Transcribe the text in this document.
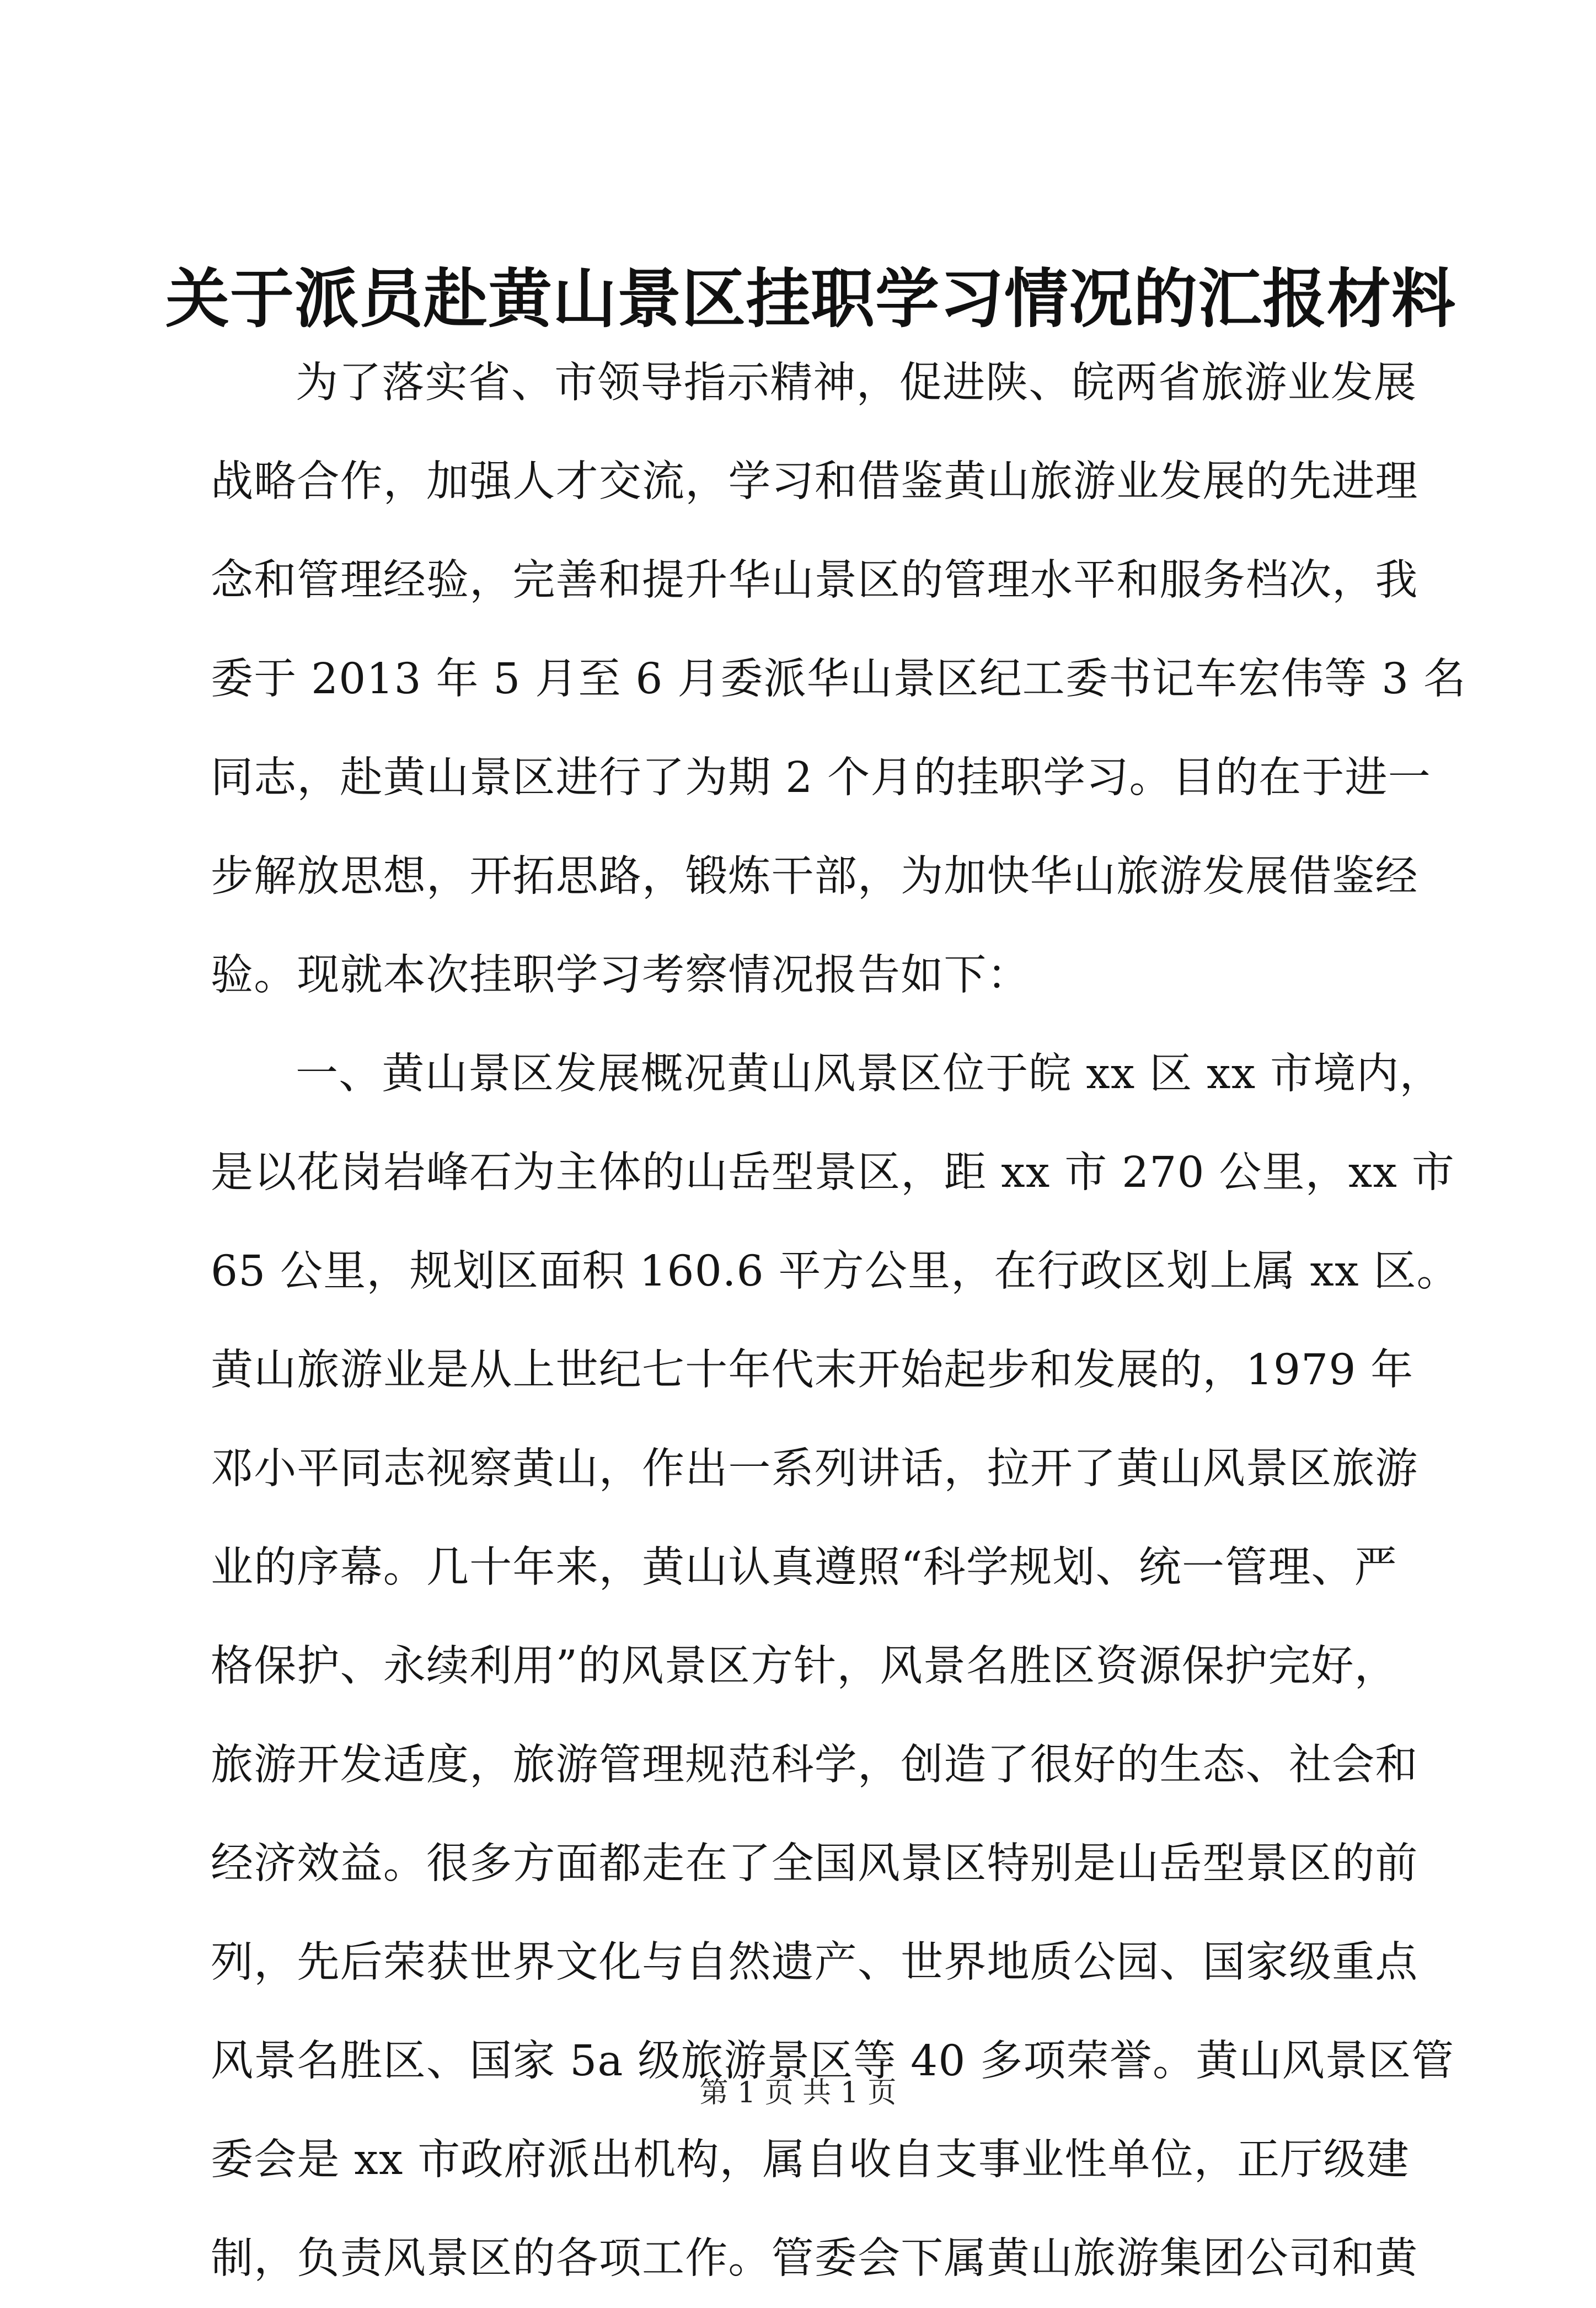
关于派员赴黄山景区挂职学习情况的汇报材料
为了落实省、市领导指示精神，促进陕、皖两省旅游业发展
战略合作，加强人才交流，学习和借鉴黄山旅游业发展的先进理
念和管理经验，完善和提升华山景区的管理水平和服务档次，我
委于 2013 年 5 月至 6 月委派华山景区纪工委书记车宏伟等 3 名
同志，赴黄山景区进行了为期 2 个月的挂职学习。目的在于进一
步解放思想，开拓思路，锻炼干部，为加快华山旅游发展借鉴经
验。现就本次挂职学习考察情况报告如下：
一、黄山景区发展概况黄山风景区位于皖 xx 区 xx 市境内，
是以花岗岩峰石为主体的山岳型景区，距 xx 市 270 公里，xx 市
65 公里，规划区面积 160.6 平方公里，在行政区划上属 xx 区。
黄山旅游业是从上世纪七十年代末开始起步和发展的，1979 年
邓小平同志视察黄山，作出一系列讲话，拉开了黄山风景区旅游
业的序幕。几十年来，黄山认真遵照“科学规划、统一管理、严
格保护、永续利用”的风景区方针，风景名胜区资源保护完好，
旅游开发适度，旅游管理规范科学，创造了很好的生态、社会和
经济效益。很多方面都走在了全国风景区特别是山岳型景区的前
列，先后荣获世界文化与自然遗产、世界地质公园、国家级重点
风景名胜区、国家 5a 级旅游景区等 40 多项荣誉。黄山风景区管
委会是 xx 市政府派出机构，属自收自支事业性单位，正厅级建
制，负责风景区的各项工作。管委会下属黄山旅游集团公司和黄
第 1 页 共 1 页
